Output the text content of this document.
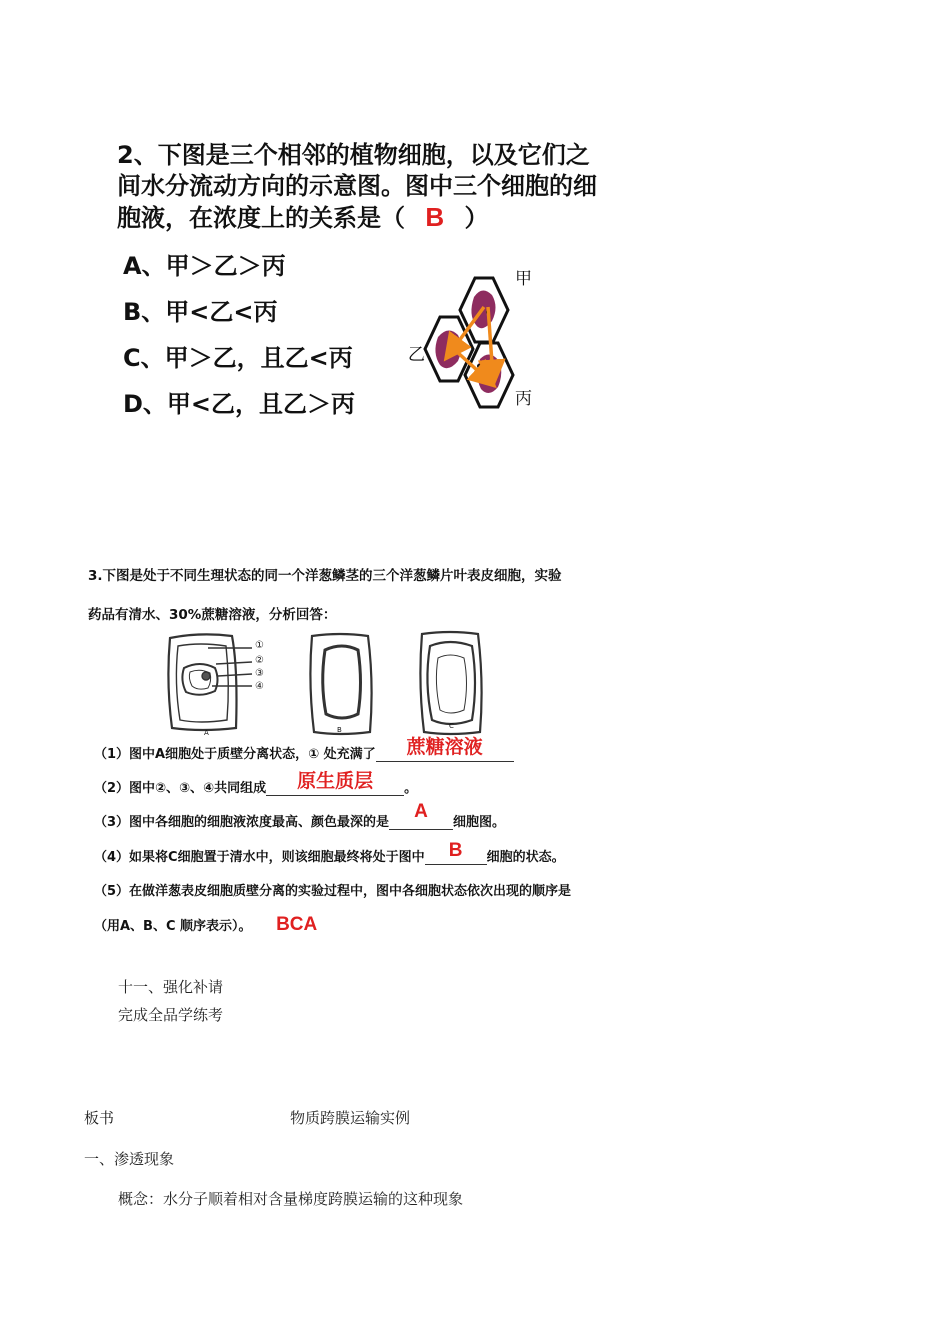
2、下图是三个相邻的植物细胞，以及它们之
间水分流动方向的示意图。图中三个细胞的细
胞液，在浓度上的关系是（ B ）
A、甲＞乙＞丙
B、甲<乙<丙
C、甲＞乙，且乙<丙
D、甲<乙，且乙＞丙
甲
乙
丙
3.下图是处于不同生理状态的同一个洋葱鳞茎的三个洋葱鳞片叶表皮细胞，实验
药品有清水、30%蔗糖溶液，分析回答：
①
②
③
④
A	B	C
（1）图中A细胞处于质壁分离状态，① 处充满了	蔗糖溶液
（2）图中②、③、④共同组成	原生质层	。
（3）图中各细胞的细胞液浓度最高、颜色最深的是
A
细胞图。
（4）如果将C细胞置于清水中，则该细胞最终将处于图中	B	细胞的状态。
（5）在做洋葱表皮细胞质壁分离的实验过程中，图中各细胞状态依次出现的顺序是
（用A、B、C 顺序表示）。 BCA
十一、强化补请
完成全品学练考
板书	物质跨膜运输实例
一、渗透现象
概念：水分子顺着相对含量梯度跨膜运输的这种现象
